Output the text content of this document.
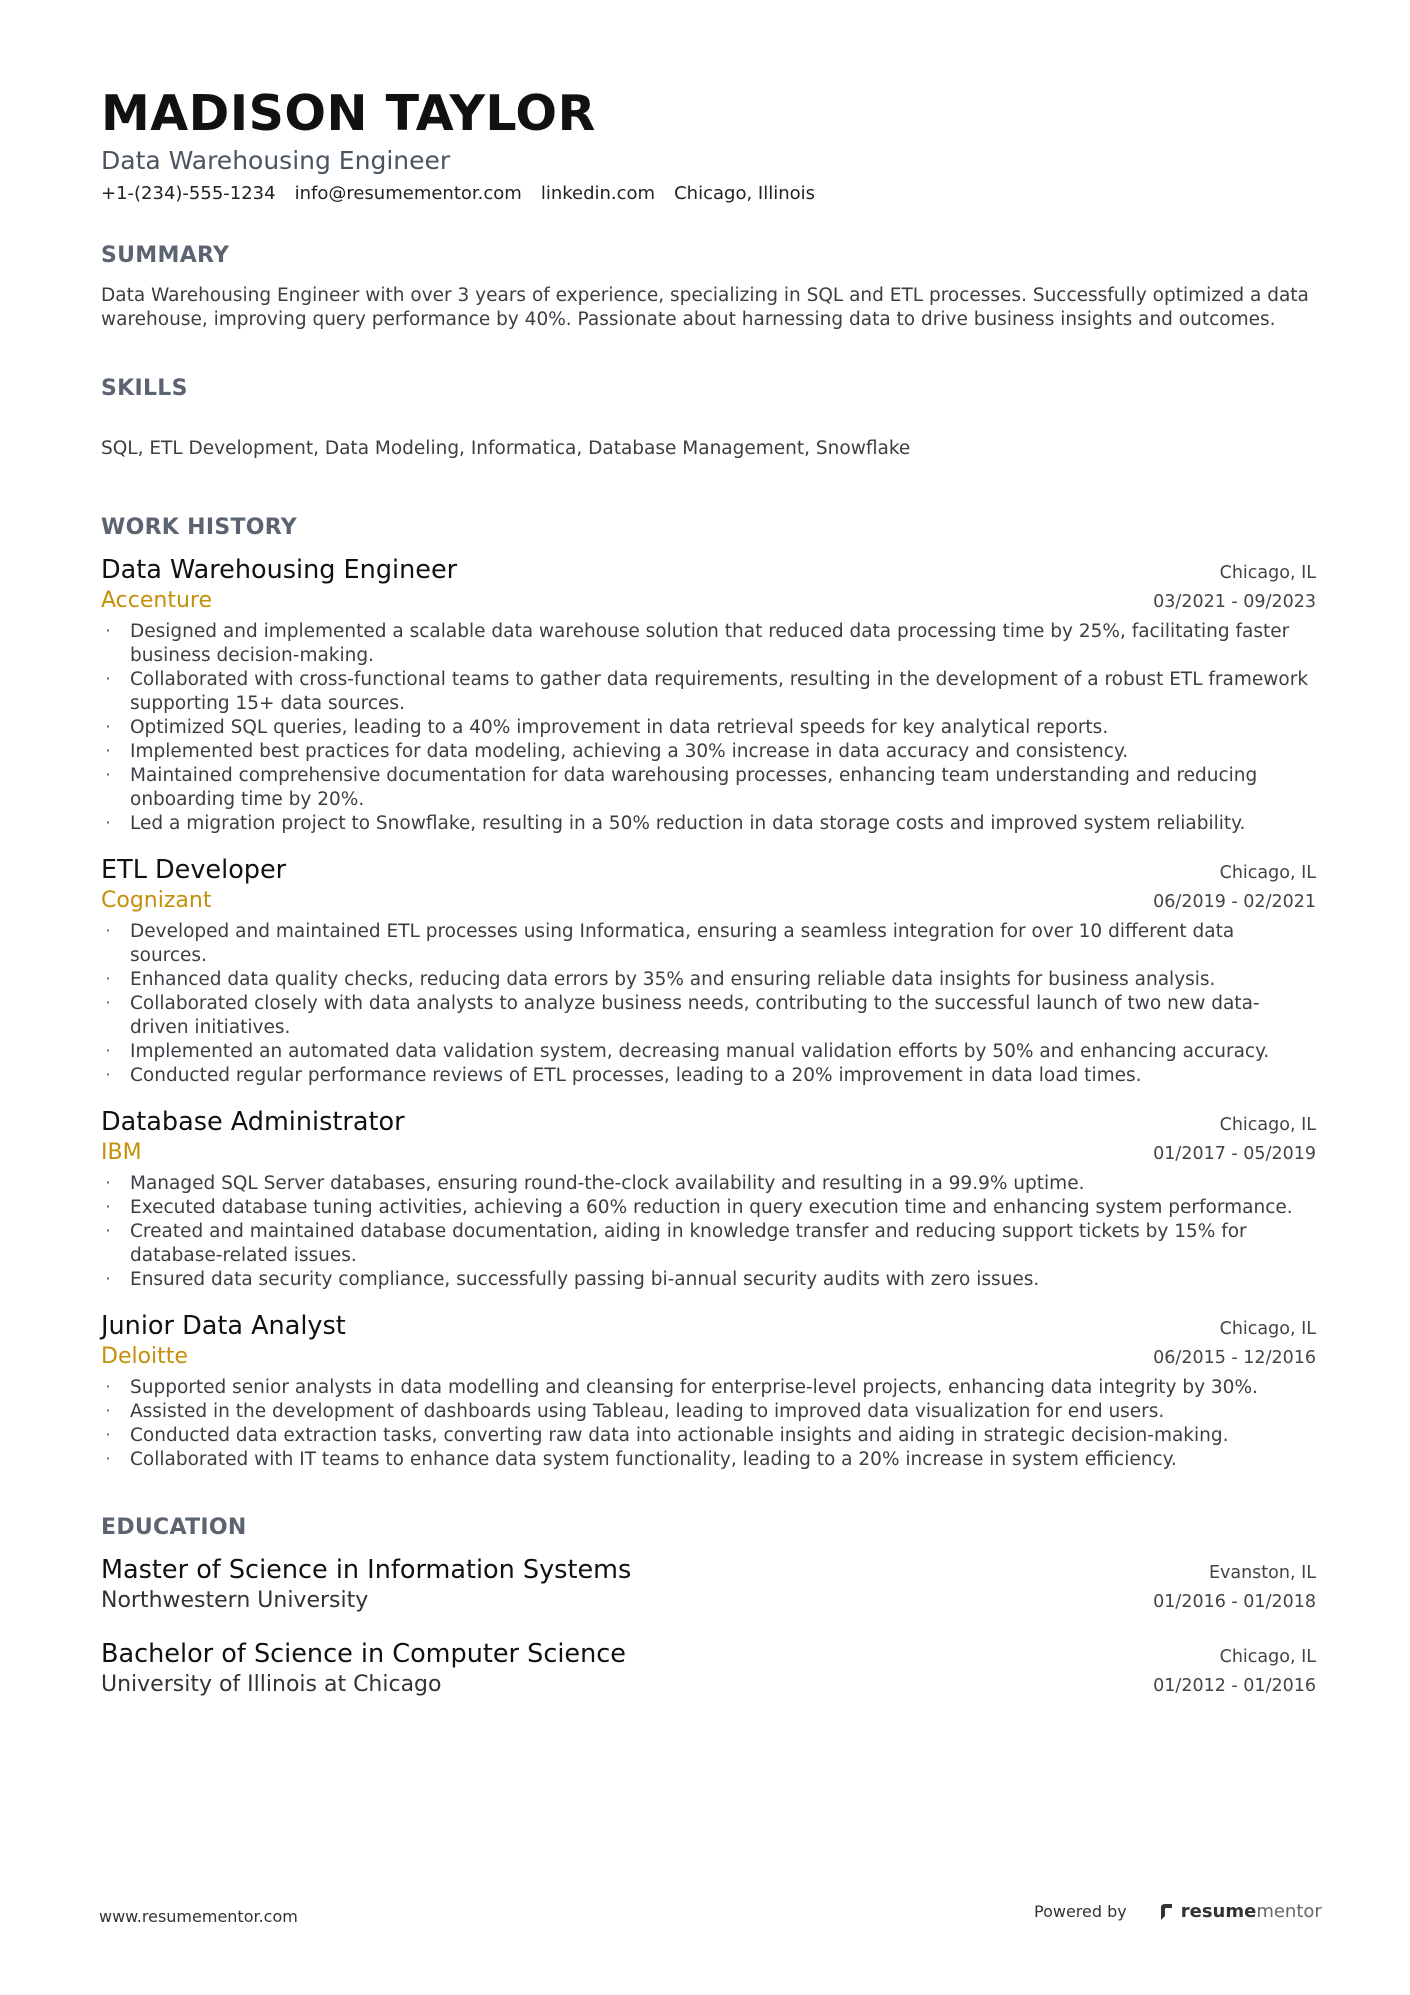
MADISON TAYLOR
Data Warehousing Engineer
+1-(234)-555-1234 info@resumementor.com linkedin.com Chicago, Illinois
SUMMARY
Data Warehousing Engineer with over 3 years of experience, specializing in SQL and ETL processes. Successfully optimized a data warehouse, improving query performance by 40%. Passionate about harnessing data to drive business insights and outcomes.
SKILLS
SQL, ETL Development, Data Modeling, Informatica, Database Management, Snowflake
WORK HISTORY
Data Warehousing Engineer	Chicago, IL
Accenture	03/2021 - 09/2023
· Designed and implemented a scalable data warehouse solution that reduced data processing time by 25%, facilitating faster business decision-making.
· Collaborated with cross-functional teams to gather data requirements, resulting in the development of a robust ETL framework supporting 15+ data sources.
· Optimized SQL queries, leading to a 40% improvement in data retrieval speeds for key analytical reports.
· Implemented best practices for data modeling, achieving a 30% increase in data accuracy and consistency.
· Maintained comprehensive documentation for data warehousing processes, enhancing team understanding and reducing onboarding time by 20%.
· Led a migration project to Snowflake, resulting in a 50% reduction in data storage costs and improved system reliability.
ETL Developer	Chicago, IL
Cognizant	06/2019 - 02/2021
· Developed and maintained ETL processes using Informatica, ensuring a seamless integration for over 10 different data sources.
· Enhanced data quality checks, reducing data errors by 35% and ensuring reliable data insights for business analysis.
· Collaborated closely with data analysts to analyze business needs, contributing to the successful launch of two new data-driven initiatives.
· Implemented an automated data validation system, decreasing manual validation efforts by 50% and enhancing accuracy.
· Conducted regular performance reviews of ETL processes, leading to a 20% improvement in data load times.
Database Administrator	Chicago, IL
IBM	01/2017 - 05/2019
· Managed SQL Server databases, ensuring round-the-clock availability and resulting in a 99.9% uptime.
· Executed database tuning activities, achieving a 60% reduction in query execution time and enhancing system performance.
· Created and maintained database documentation, aiding in knowledge transfer and reducing support tickets by 15% for database-related issues.
· Ensured data security compliance, successfully passing bi-annual security audits with zero issues.
Junior Data Analyst	Chicago, IL
Deloitte	06/2015 - 12/2016
· Supported senior analysts in data modelling and cleansing for enterprise-level projects, enhancing data integrity by 30%.
· Assisted in the development of dashboards using Tableau, leading to improved data visualization for end users.
· Conducted data extraction tasks, converting raw data into actionable insights and aiding in strategic decision-making.
· Collaborated with IT teams to enhance data system functionality, leading to a 20% increase in system efficiency.
EDUCATION
Master of Science in Information Systems	Evanston, IL
Northwestern University	01/2016 - 01/2018
Bachelor of Science in Computer Science	Chicago, IL
University of Illinois at Chicago	01/2012 - 01/2016
www.resumementor.com	Powered by	resumementor
